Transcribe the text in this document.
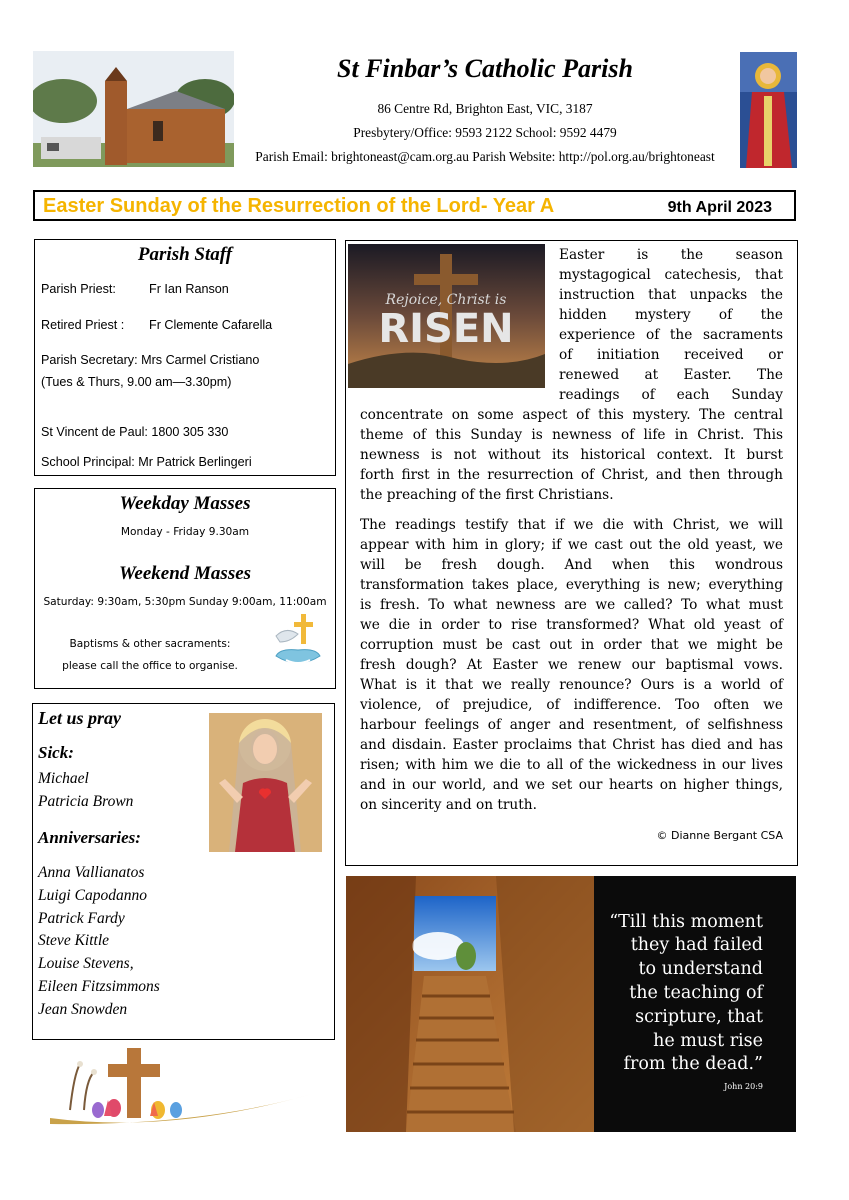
St Finbar’s Catholic Parish
86 Centre Rd, Brighton East, VIC, 3187
Presbytery/Office: 9593 2122 School: 9592 4479
Parish Email: brightoneast@cam.org.au Parish Website: http://pol.org.au/brightoneast
Easter Sunday of the Resurrection of the Lord- Year A	9th April 2023
Parish Staff
Parish Priest:	Fr Ian Ranson
Retired Priest : Fr Clemente Cafarella
Parish Secretary: Mrs Carmel Cristiano
(Tues & Thurs, 9.00 am—3.30pm)
St Vincent de Paul: 1800 305 330
School Principal: Mr Patrick Berlingeri
Weekday Masses
Monday - Friday 9.30am
Weekend Masses
Saturday: 9:30am, 5:30pm Sunday 9:00am, 11:00am
Baptisms & other sacraments:
please call the office to organise.
Let us pray
Sick:
Michael
Patricia Brown
Anniversaries:
Anna Vallianatos
Luigi Capodanno
Patrick Fardy
Steve Kittle
Louise Stevens,
Eileen Fitzsimmons
Jean Snowden
Rejoice, Christ is
RISEN
Easter is the season
mystagogical catechesis, that
instruction that unpacks the
hidden mystery of the
experience of the sacraments
of initiation received or
renewed at Easter. The
readings of each Sunday
concentrate on some aspect of this mystery. The central
theme of this Sunday is newness of life in Christ. This
newness is not without its historical context. It burst
forth first in the resurrection of Christ, and then through
the preaching of the first Christians.
The readings testify that if we die with Christ, we will
appear with him in glory; if we cast out the old yeast, we
will be fresh dough. And when this wondrous
transformation takes place, everything is new; everything
is fresh. To what newness are we called? To what must
we die in order to rise transformed? What old yeast of
corruption must be cast out in order that we might be
fresh dough? At Easter we renew our baptismal vows.
What is it that we really renounce? Ours is a world of
violence, of prejudice, of indifference. Too often we
harbour feelings of anger and resentment, of selfishness
and disdain. Easter proclaims that Christ has died and has
risen; with him we die to all of the wickedness in our lives
and in our world, and we set our hearts on higher things,
on sincerity and on truth.
© Dianne Bergant CSA
“Till this moment
they had failed
to understand
the teaching of
scripture, that
he must rise
from the dead.”
John 20:9
